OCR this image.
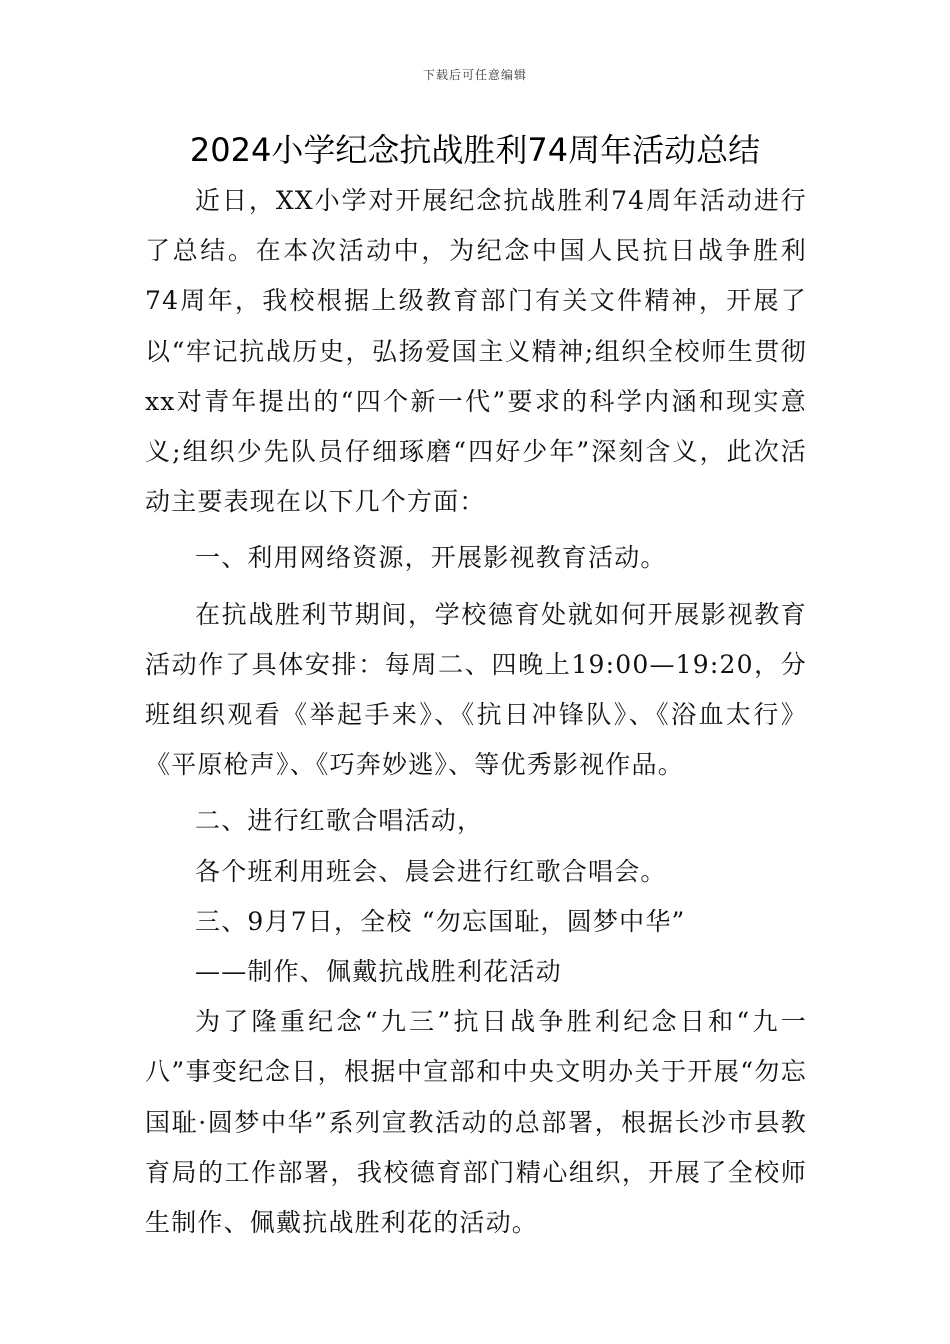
下载后可任意编辑
2024小学纪念抗战胜利74周年活动总结

近日，XX小学对开展纪念抗战胜利74周年活动进行了总结。在本次活动中，为纪念中国人民抗日战争胜利74周年，我校根据上级教育部门有关文件精神，开展了以“牢记抗战历史，弘扬爱国主义精神;组织全校师生贯彻xx对青年提出的“四个新一代”要求的科学内涵和现实意义;组织少先队员仔细琢磨“四好少年”深刻含义，此次活动主要表现在以下几个方面：

一、利用网络资源，开展影视教育活动。

在抗战胜利节期间，学校德育处就如何开展影视教育活动作了具体安排：每周二、四晚上19:00—19:20，分班组织观看《举起手来》、《抗日冲锋队》、《浴血太行》《平原枪声》、《巧奔妙逃》、等优秀影视作品。

二、进行红歌合唱活动，

各个班利用班会、晨会进行红歌合唱会。

三、9月7日，全校 “勿忘国耻，圆梦中华”

——制作、佩戴抗战胜利花活动

为了隆重纪念“九三”抗日战争胜利纪念日和“九一八”事变纪念日，根据中宣部和中央文明办关于开展“勿忘国耻·圆梦中华”系列宣教活动的总部署，根据长沙市县教育局的工作部署，我校德育部门精心组织，开展了全校师生制作、佩戴抗战胜利花的活动。
